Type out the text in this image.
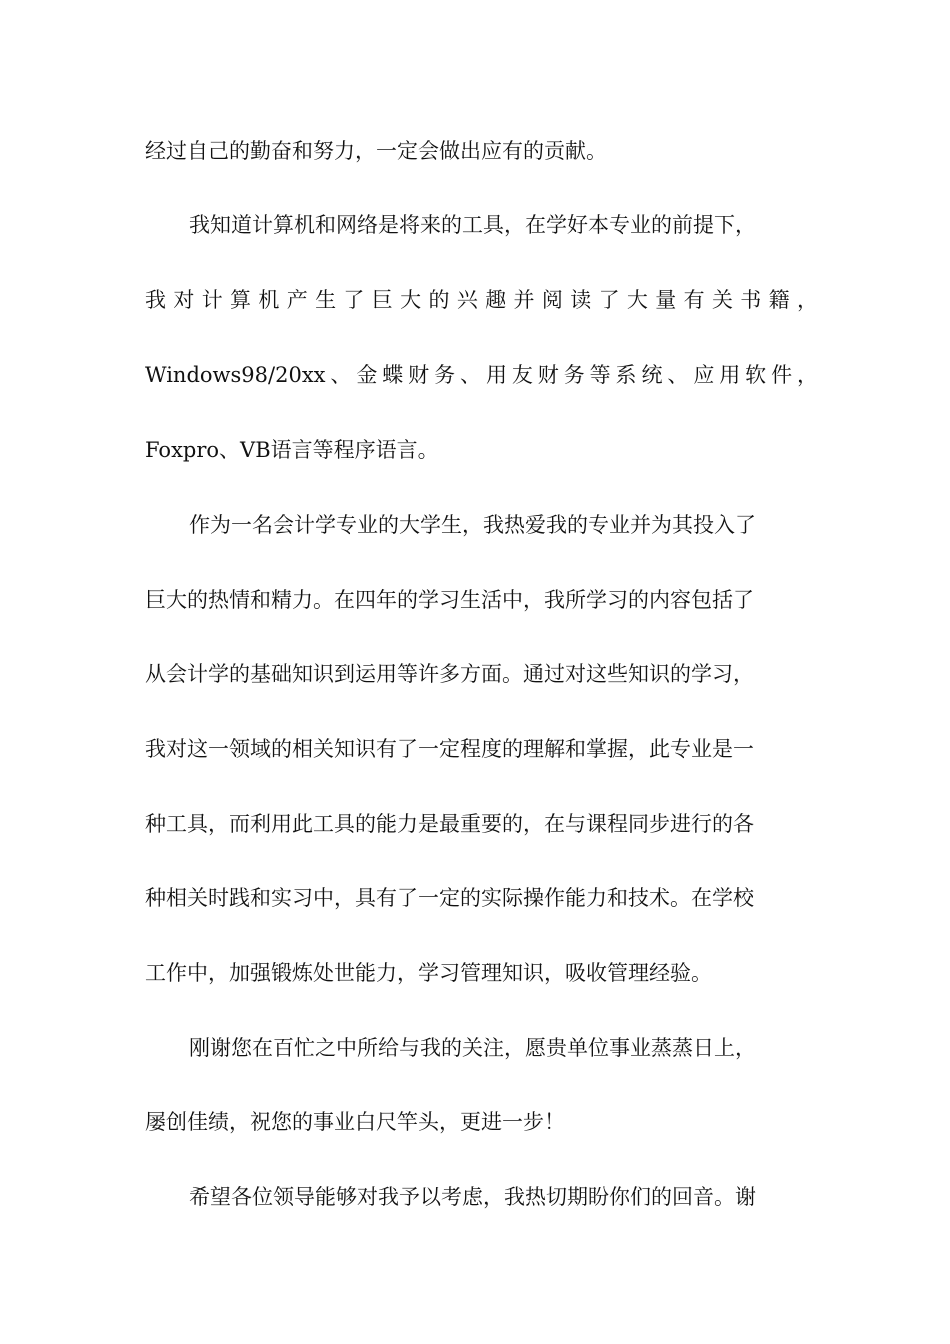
经过自己的勤奋和努力，一定会做出应有的贡献。
我知道计算机和网络是将来的工具，在学好本专业的前提下，
我对计算机产生了巨大的兴趣并阅读了大量有关书籍，
Windows98/20xx、金蝶财务、用友财务等系统、应用软件，
Foxpro、VB语言等程序语言。
作为一名会计学专业的大学生，我热爱我的专业并为其投入了
巨大的热情和精力。在四年的学习生活中，我所学习的内容包括了
从会计学的基础知识到运用等许多方面。通过对这些知识的学习，
我对这一领域的相关知识有了一定程度的理解和掌握，此专业是一
种工具，而利用此工具的能力是最重要的，在与课程同步进行的各
种相关时践和实习中，具有了一定的实际操作能力和技术。在学校
工作中，加强锻炼处世能力，学习管理知识，吸收管理经验。
刚谢您在百忙之中所给与我的关注，愿贵单位事业蒸蒸日上，
屡创佳绩，祝您的事业白尺竿头，更进一步！
希望各位领导能够对我予以考虑，我热切期盼你们的回音。谢
